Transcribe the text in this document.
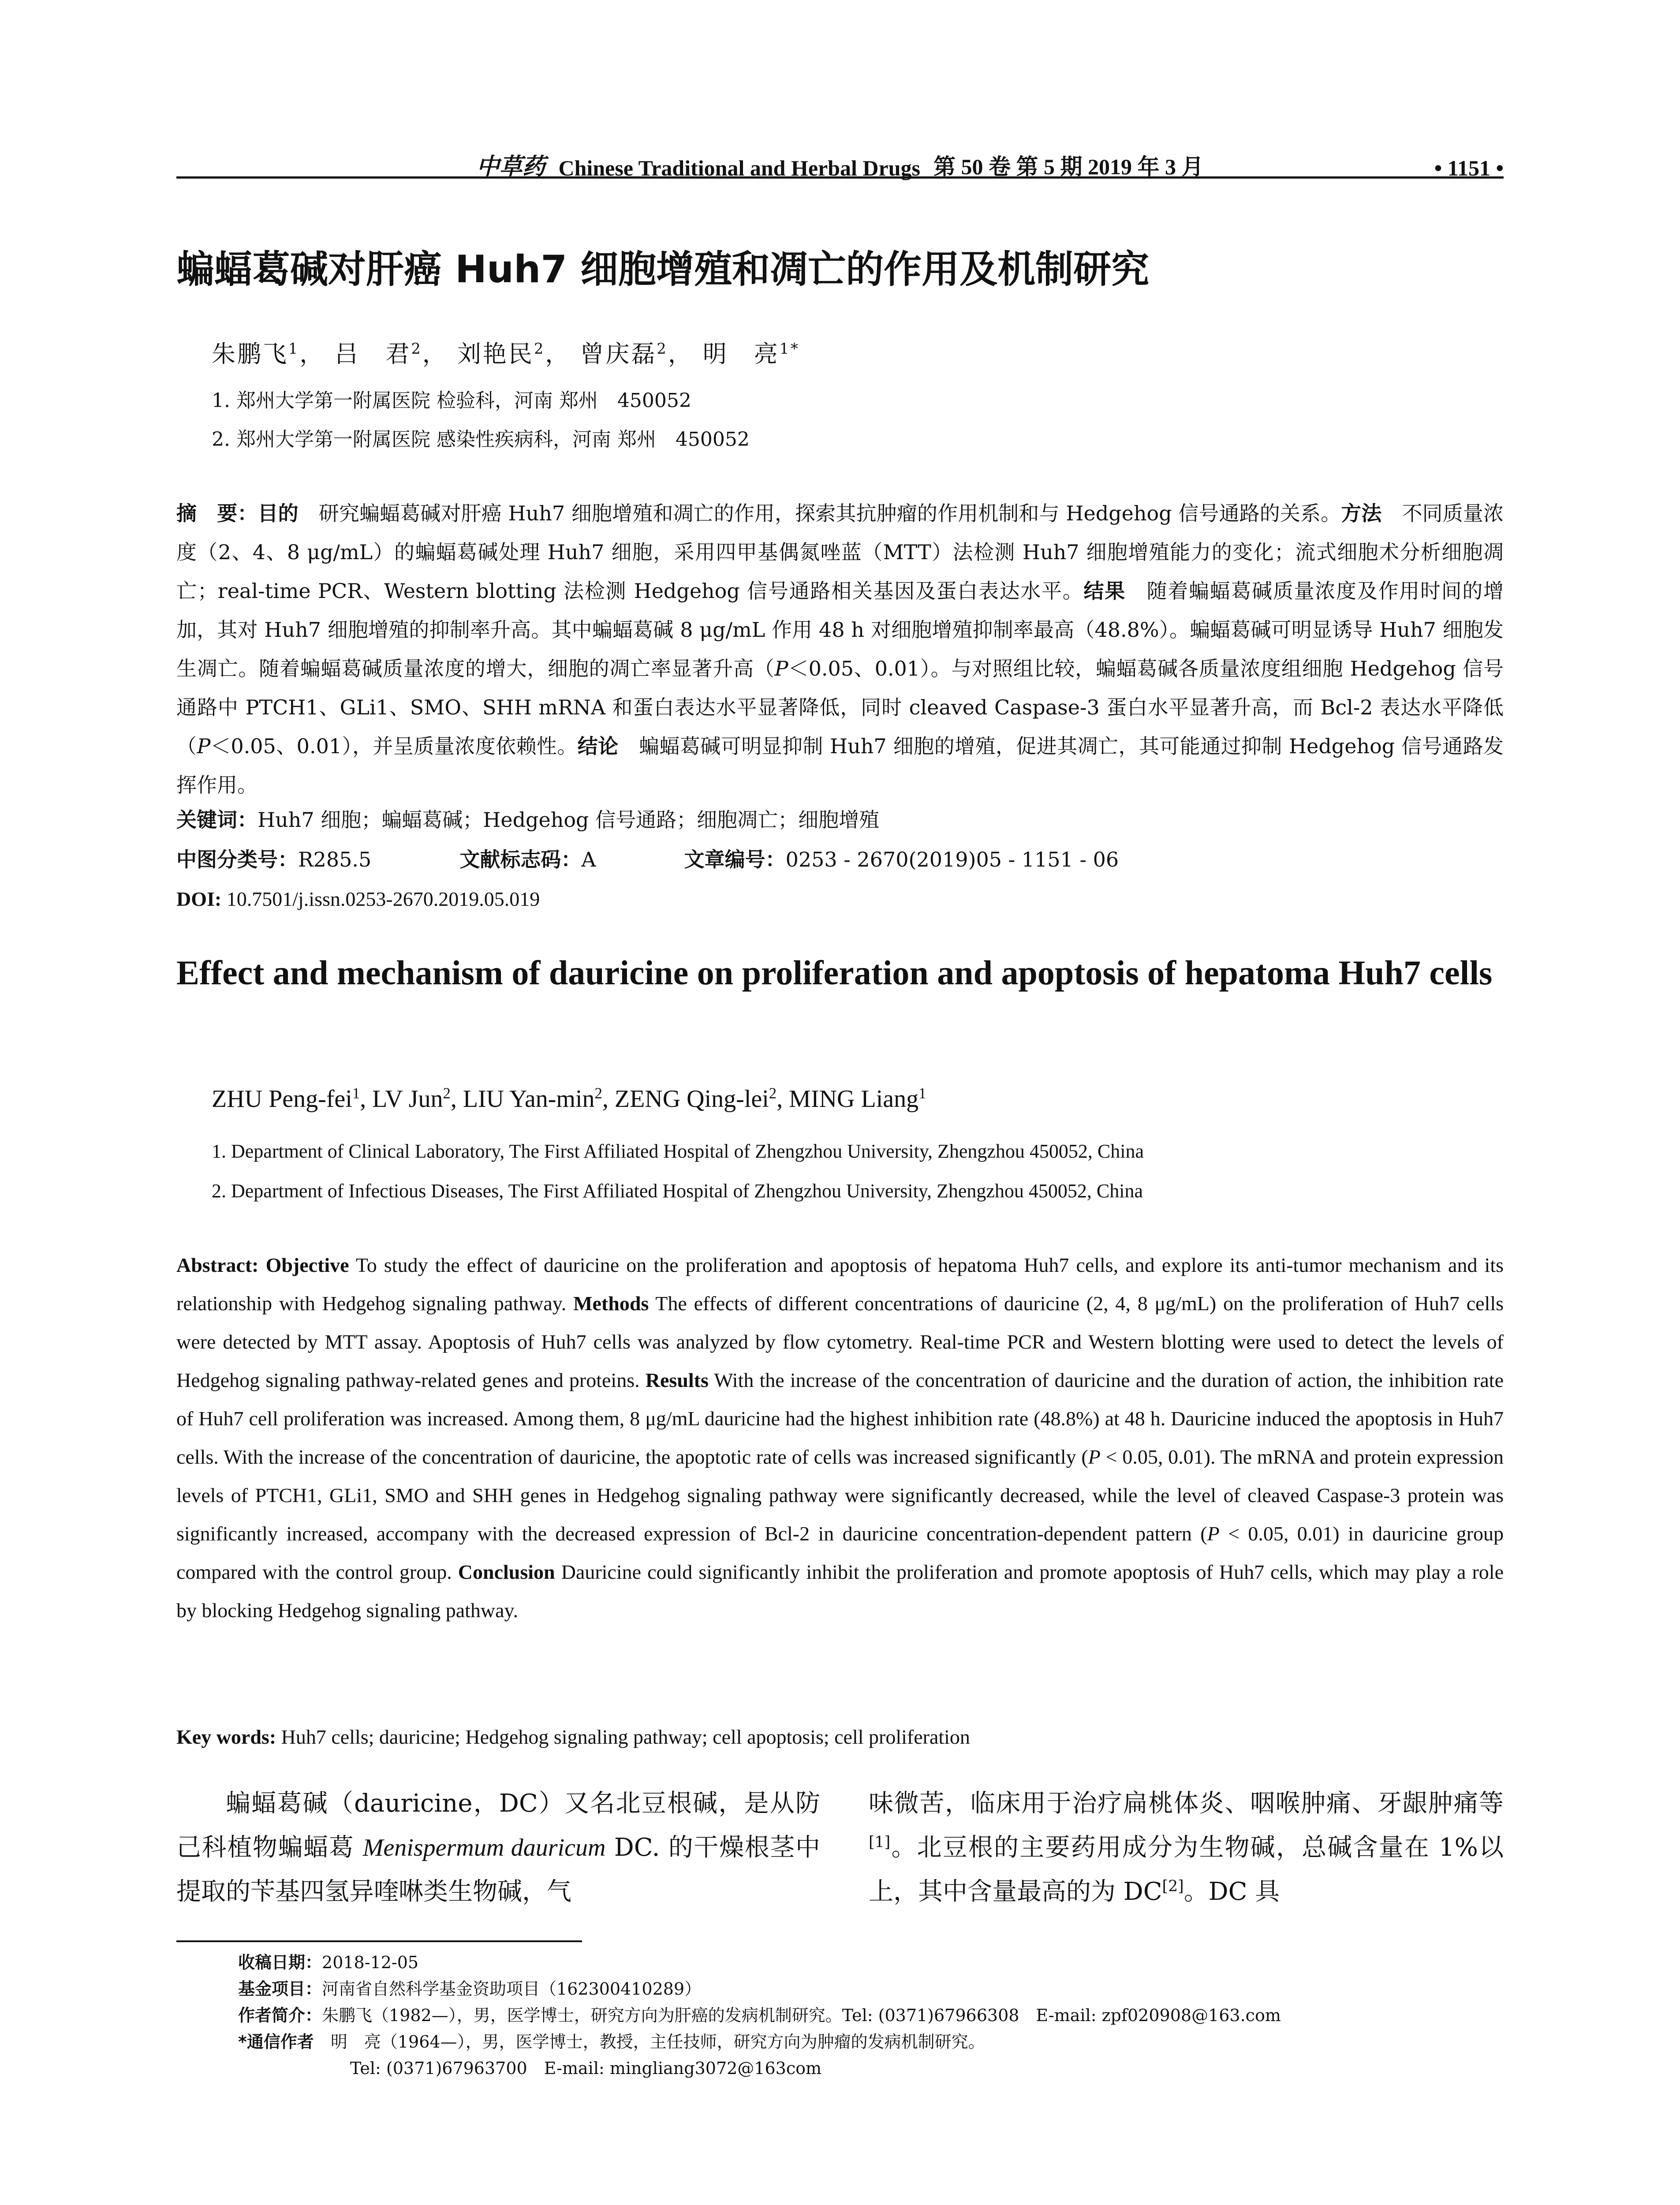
中草药 Chinese Traditional and Herbal Drugs 第 50 卷 第 5 期 2019 年 3 月	• 1151 •
蝙蝠葛碱对肝癌 Huh7 细胞增殖和凋亡的作用及机制研究
朱鹏飞$^1$， 吕　君$^2$， 刘艳民$^2$， 曾庆磊$^2$， 明　亮$^{1*}$
1. 郑州大学第一附属医院 检验科，河南 郑州　450052
2. 郑州大学第一附属医院 感染性疾病科，河南 郑州　450052
摘　要：目的　研究蝙蝠葛碱对肝癌 Huh7 细胞增殖和凋亡的作用，探索其抗肿瘤的作用机制和与 Hedgehog 信号通路的关系。方法　不同质量浓度（2、4、8 μg/mL）的蝙蝠葛碱处理 Huh7 细胞，采用四甲基偶氮唑蓝（MTT）法检测 Huh7 细胞增殖能力的变化；流式细胞术分析细胞凋亡；real-time PCR、Western blotting 法检测 Hedgehog 信号通路相关基因及蛋白表达水平。结果　随着蝙蝠葛碱质量浓度及作用时间的增加，其对 Huh7 细胞增殖的抑制率升高。其中蝙蝠葛碱 8 μg/mL 作用 48 h 对细胞增殖抑制率最高（48.8%）。蝙蝠葛碱可明显诱导 Huh7 细胞发生凋亡。随着蝙蝠葛碱质量浓度的增大，细胞的凋亡率显著升高（P＜0.05、0.01）。与对照组比较，蝙蝠葛碱各质量浓度组细胞 Hedgehog 信号通路中 PTCH1、GLi1、SMO、SHH mRNA 和蛋白表达水平显著降低，同时 cleaved Caspase-3 蛋白水平显著升高，而 Bcl-2 表达水平降低（P＜0.05、0.01），并呈质量浓度依赖性。结论　蝙蝠葛碱可明显抑制 Huh7 细胞的增殖，促进其凋亡，其可能通过抑制 Hedgehog 信号通路发挥作用。
关键词：Huh7 细胞；蝙蝠葛碱；Hedgehog 信号通路；细胞凋亡；细胞增殖
中图分类号：R285.5	文献标志码：A	文章编号：0253 - 2670(2019)05 - 1151 - 06
DOI: 10.7501/j.issn.0253-2670.2019.05.019
Effect and mechanism of dauricine on proliferation and apoptosis of hepatoma Huh7 cells
ZHU Peng-fei$^1$, LV Jun$^2$, LIU Yan-$\min^2$, ZENG Qing-lei$^2$, MING Liang$^1$
1. Department of Clinical Laboratory, The First Affiliated Hospital of Zhengzhou University, Zhengzhou 450052, China
2. Department of Infectious Diseases, The First Affiliated Hospital of Zhengzhou University, Zhengzhou 450052, China
Abstract: Objective To study the effect of dauricine on the proliferation and apoptosis of hepatoma Huh7 cells, and explore its anti-tumor mechanism and its relationship with Hedgehog signaling pathway. Methods The effects of different concentrations of dauricine (2, 4, 8 μg/mL) on the proliferation of Huh7 cells were detected by MTT assay. Apoptosis of Huh7 cells was analyzed by flow cytometry. Real-time PCR and Western blotting were used to detect the levels of Hedgehog signaling pathway-related genes and proteins. Results With the increase of the concentration of dauricine and the duration of action, the inhibition rate of Huh7 cell proliferation was increased. Among them, 8 μg/mL dauricine had the highest inhibition rate (48.8%) at 48 h. Dauricine induced the apoptosis in Huh7 cells. With the increase of the concentration of dauricine, the apoptotic rate of cells was increased significantly (P < 0.05, 0.01). The mRNA and protein expression levels of PTCH1, GLi1, SMO and SHH genes in Hedgehog signaling pathway were significantly decreased, while the level of cleaved Caspase-3 protein was significantly increased, accompany with the decreased expression of Bcl-2 in dauricine concentration-dependent pattern (P < 0.05, 0.01) in dauricine group compared with the control group. Conclusion Dauricine could significantly inhibit the proliferation and promote apoptosis of Huh7 cells, which may play a role by blocking Hedgehog signaling pathway.
Key words: Huh7 cells; dauricine; Hedgehog signaling pathway; cell apoptosis; cell proliferation
蝙蝠葛碱（dauricine，DC）又名北豆根碱，是从防己科植物蝙蝠葛 Menispermum dauricum DC. 的干燥根茎中提取的苄基四氢异喹啉类生物碱，气
味微苦，临床用于治疗扁桃体炎、咽喉肿痛、牙龈肿痛等[1]。北豆根的主要药用成分为生物碱，总碱含量在 1%以上，其中含量最高的为 DC[2]。DC 具
收稿日期：2018-12-05
基金项目：河南省自然科学基金资助项目（162300410289）
作者简介：朱鹏飞（1982—），男，医学博士，研究方向为肝癌的发病机制研究。Tel: (0371)67966308　E-mail: zpf020908@163.com
*通信作者　明　亮（1964—），男，医学博士，教授，主任技师，研究方向为肿瘤的发病机制研究。
Tel: (0371)67963700　E-mail: mingliang3072@163com
